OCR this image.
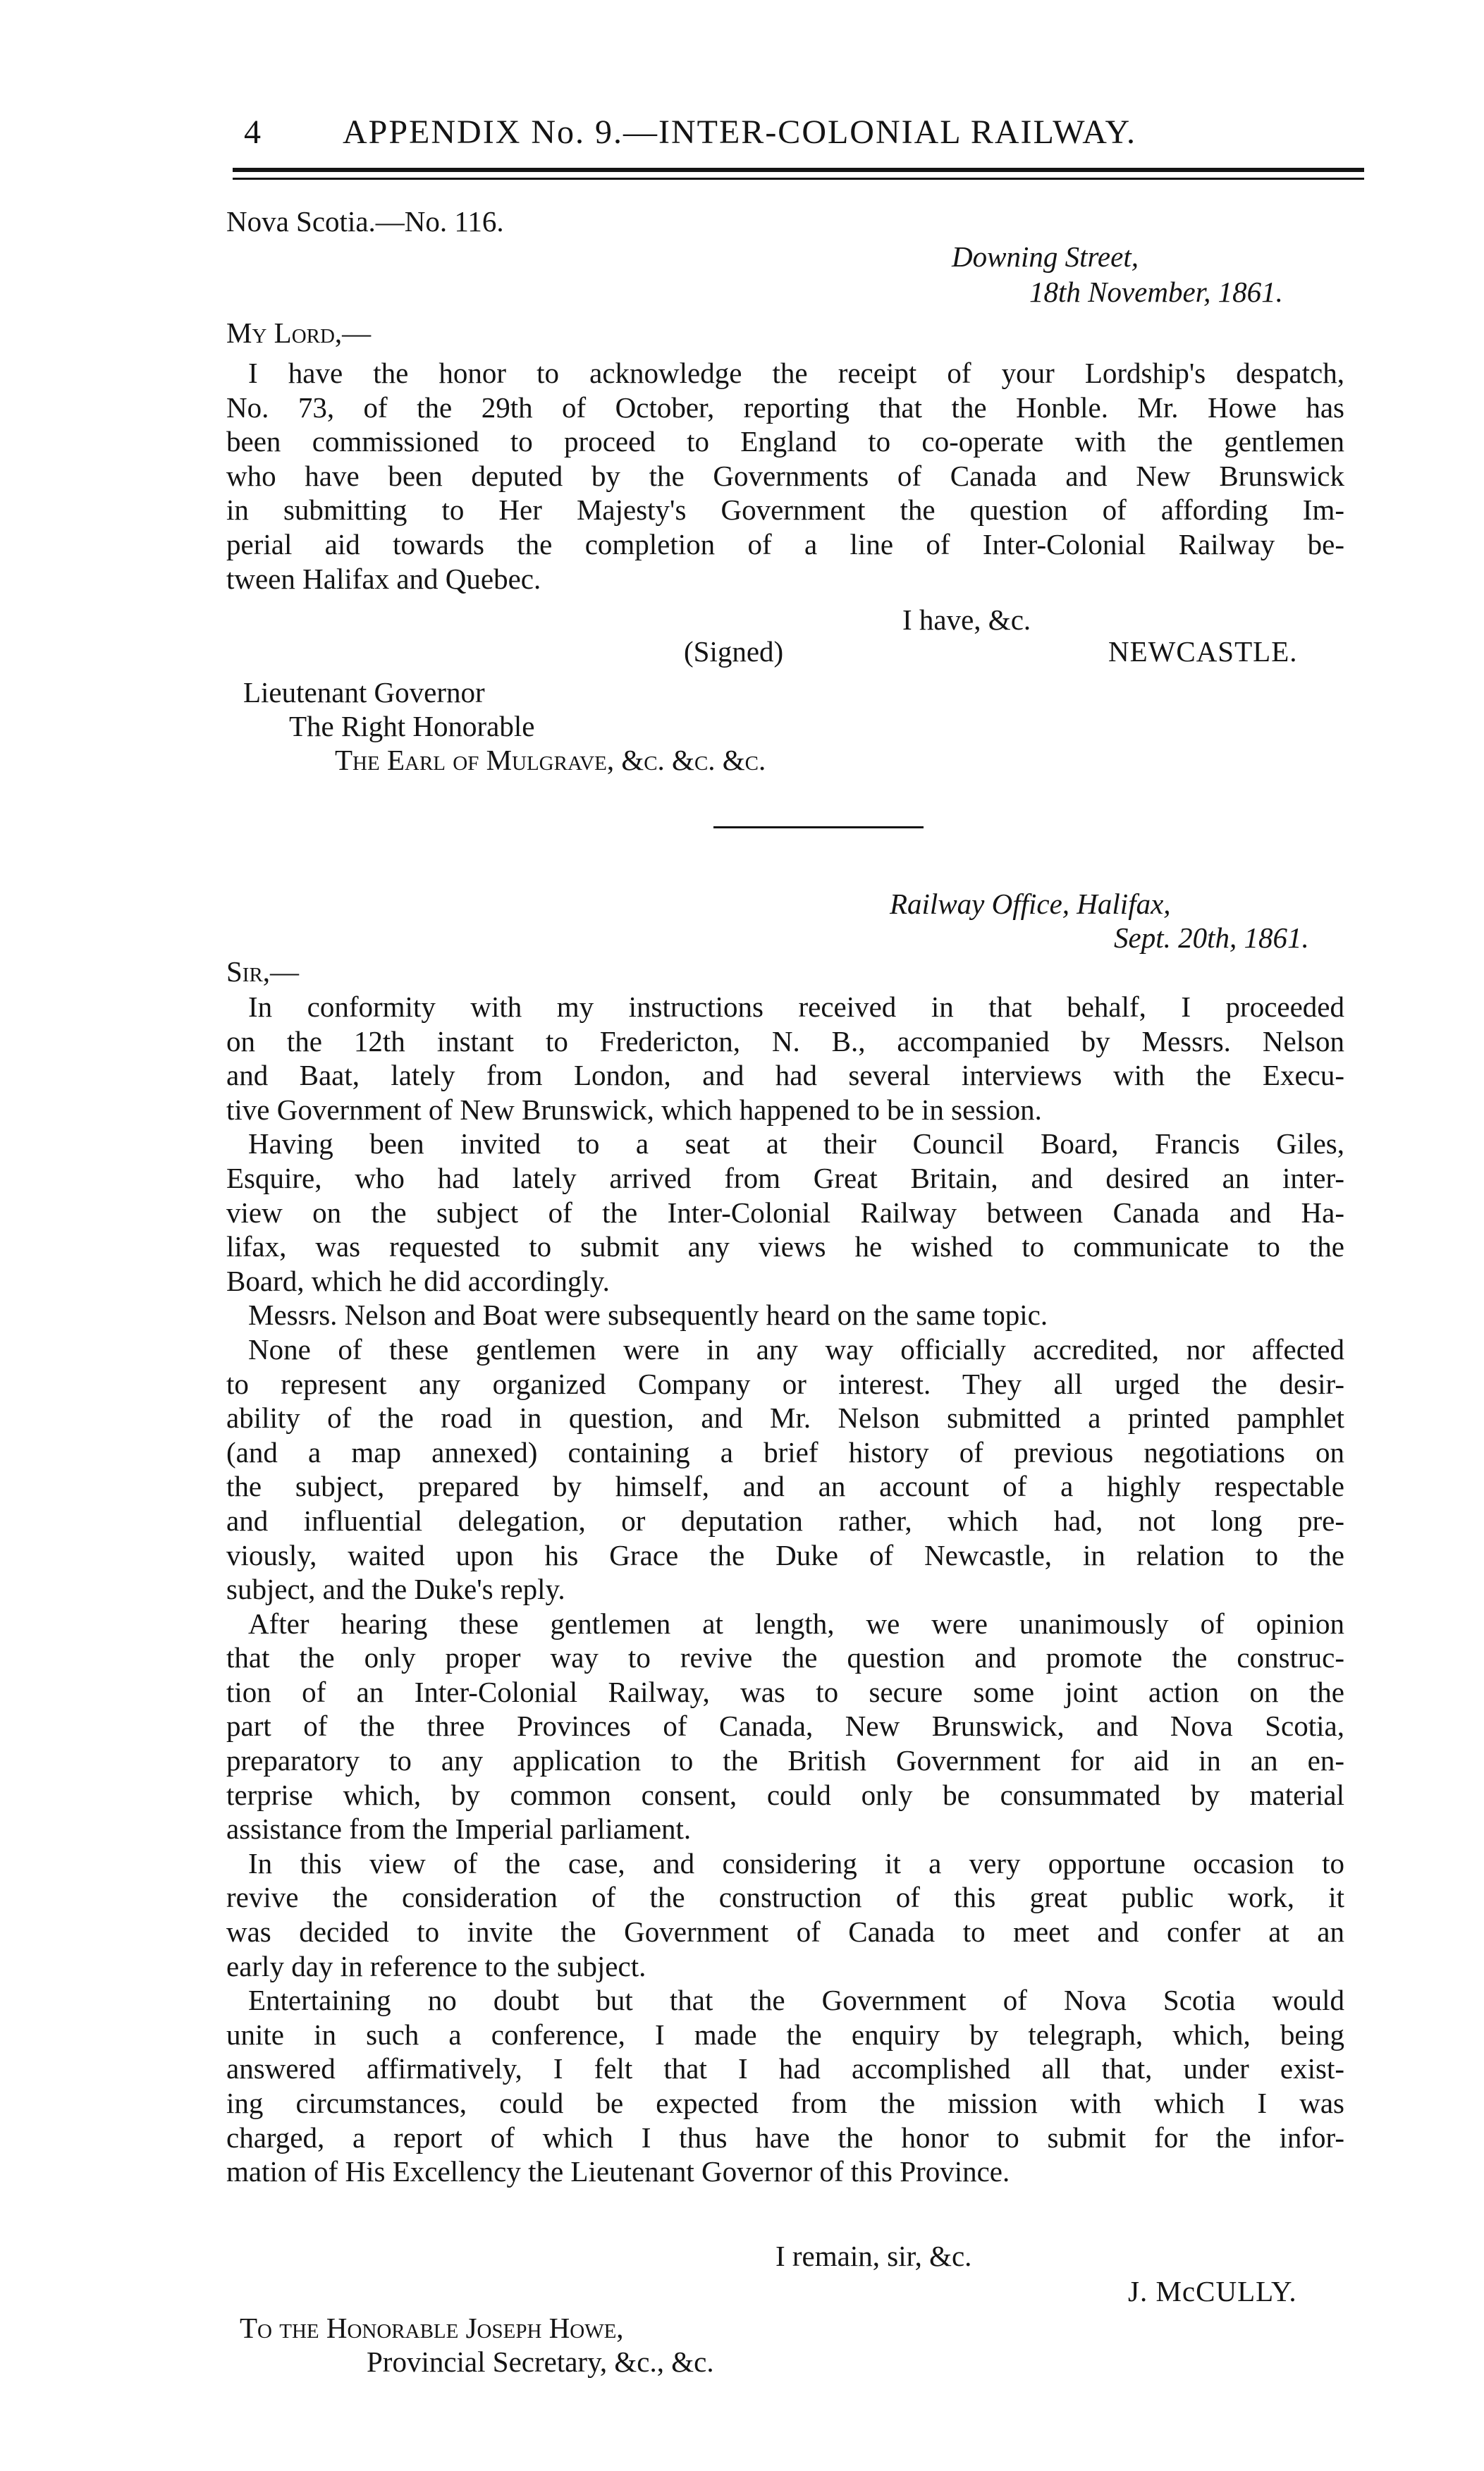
4 APPENDIX No. 9.—INTER-COLONIAL RAILWAY.
Nova Scotia.—No. 116.
Downing Street,
18th November, 1861.
My Lord,—
I have the honor to acknowledge the receipt of your Lordship's despatch,
No. 73, of the 29th of October, reporting that the Honble. Mr. Howe has
been commissioned to proceed to England to co-operate with the gentlemen
who have been deputed by the Governments of Canada and New Brunswick
in submitting to Her Majesty's Government the question of affording Im-
perial aid towards the completion of a line of Inter-Colonial Railway be-
tween Halifax and Quebec.
I have, &c.
(Signed)	NEWCASTLE.
Lieutenant Governor
The Right Honorable
The Earl of Mulgrave, &c. &c. &c.
Railway Office, Halifax,
Sept. 20th, 1861.
Sir,—
In conformity with my instructions received in that behalf, I proceeded
on the 12th instant to Fredericton, N. B., accompanied by Messrs. Nelson
and Baat, lately from London, and had several interviews with the Execu-
tive Government of New Brunswick, which happened to be in session.
Having been invited to a seat at their Council Board, Francis Giles,
Esquire, who had lately arrived from Great Britain, and desired an inter-
view on the subject of the Inter-Colonial Railway between Canada and Ha-
lifax, was requested to submit any views he wished to communicate to the
Board, which he did accordingly.
Messrs. Nelson and Boat were subsequently heard on the same topic.
None of these gentlemen were in any way officially accredited, nor affected
to represent any organized Company or interest. They all urged the desir-
ability of the road in question, and Mr. Nelson submitted a printed pamphlet
(and a map annexed) containing a brief history of previous negotiations on
the subject, prepared by himself, and an account of a highly respectable
and influential delegation, or deputation rather, which had, not long pre-
viously, waited upon his Grace the Duke of Newcastle, in relation to the
subject, and the Duke's reply.
After hearing these gentlemen at length, we were unanimously of opinion
that the only proper way to revive the question and promote the construc-
tion of an Inter-Colonial Railway, was to secure some joint action on the
part of the three Provinces of Canada, New Brunswick, and Nova Scotia,
preparatory to any application to the British Government for aid in an en-
terprise which, by common consent, could only be consummated by material
assistance from the Imperial parliament.
In this view of the case, and considering it a very opportune occasion to
revive the consideration of the construction of this great public work, it
was decided to invite the Government of Canada to meet and confer at an
early day in reference to the subject.
Entertaining no doubt but that the Government of Nova Scotia would
unite in such a conference, I made the enquiry by telegraph, which, being
answered affirmatively, I felt that I had accomplished all that, under exist-
ing circumstances, could be expected from the mission with which I was
charged, a report of which I thus have the honor to submit for the infor-
mation of His Excellency the Lieutenant Governor of this Province.
I remain, sir, &c.
J. McCULLY.
To the Honorable Joseph Howe,
Provincial Secretary, &c., &c.
